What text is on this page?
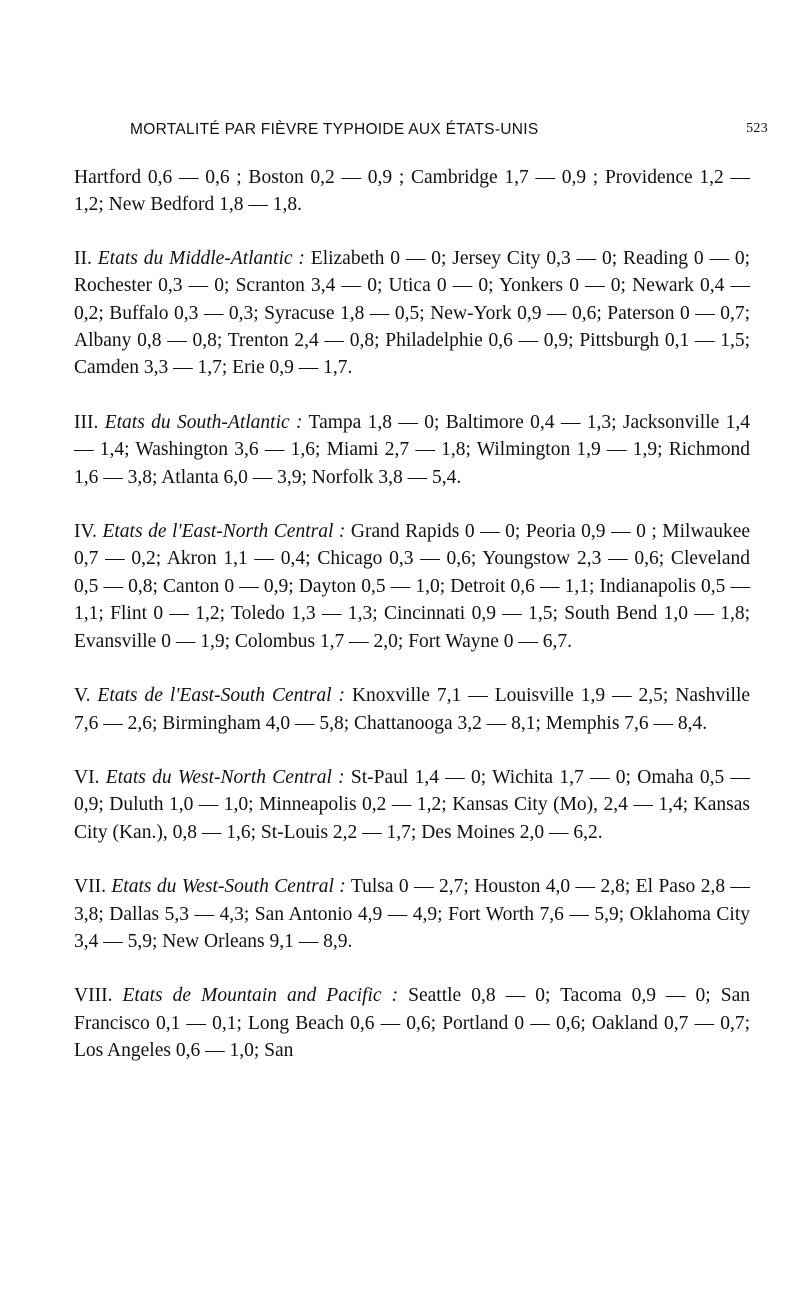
MORTALITÉ PAR FIÈVRE TYPHOIDE AUX ÉTATS-UNIS	523

Hartford 0,6 — 0,6 ; Boston 0,2 — 0,9 ; Cambridge 1,7 — 0,9 ; Providence 1,2 — 1,2; New Bedford 1,8 — 1,8.

II. Etats du Middle-Atlantic : Elizabeth 0 — 0; Jersey City 0,3 — 0; Reading 0 — 0; Rochester 0,3 — 0; Scranton 3,4 — 0; Utica 0 — 0; Yonkers 0 — 0; Newark 0,4 — 0,2; Buffalo 0,3 — 0,3; Syracuse 1,8 — 0,5; New-York 0,9 — 0,6; Paterson 0 — 0,7; Albany 0,8 — 0,8; Trenton 2,4 — 0,8; Philadelphie 0,6 — 0,9; Pittsburgh 0,1 — 1,5; Camden 3,3 — 1,7; Erie 0,9 — 1,7.

III. Etats du South-Atlantic : Tampa 1,8 — 0; Baltimore 0,4 — 1,3; Jacksonville 1,4 — 1,4; Washington 3,6 — 1,6; Miami 2,7 — 1,8; Wilmington 1,9 — 1,9; Richmond 1,6 — 3,8; Atlanta 6,0 — 3,9; Norfolk 3,8 — 5,4.

IV. Etats de l'East-North Central : Grand Rapids 0 — 0; Peoria 0,9 — 0 ; Milwaukee 0,7 — 0,2; Akron 1,1 — 0,4; Chicago 0,3 — 0,6; Youngstow 2,3 — 0,6; Cleveland 0,5 — 0,8; Canton 0 — 0,9; Dayton 0,5 — 1,0; Detroit 0,6 — 1,1; Indianapolis 0,5 — 1,1; Flint 0 — 1,2; Toledo 1,3 — 1,3; Cincinnati 0,9 — 1,5; South Bend 1,0 — 1,8; Evansville 0 — 1,9; Colombus 1,7 — 2,0; Fort Wayne 0 — 6,7.

V. Etats de l'East-South Central : Knoxville 7,1 — Louisville 1,9 — 2,5; Nashville 7,6 — 2,6; Birmingham 4,0 — 5,8; Chattanooga 3,2 — 8,1; Memphis 7,6 — 8,4.

VI. Etats du West-North Central : St-Paul 1,4 — 0; Wichita 1,7 — 0; Omaha 0,5 — 0,9; Duluth 1,0 — 1,0; Minneapolis 0,2 — 1,2; Kansas City (Mo), 2,4 — 1,4; Kansas City (Kan.), 0,8 — 1,6; St-Louis 2,2 — 1,7; Des Moines 2,0 — 6,2.

VII. Etats du West-South Central : Tulsa 0 — 2,7; Houston 4,0 — 2,8; El Paso 2,8 — 3,8; Dallas 5,3 — 4,3; San Antonio 4,9 — 4,9; Fort Worth 7,6 — 5,9; Oklahoma City 3,4 — 5,9; New Orleans 9,1 — 8,9.

VIII. Etats de Mountain and Pacific : Seattle 0,8 — 0; Tacoma 0,9 — 0; San Francisco 0,1 — 0,1; Long Beach 0,6 — 0,6; Portland 0 — 0,6; Oakland 0,7 — 0,7; Los Angeles 0,6 — 1,0; San
